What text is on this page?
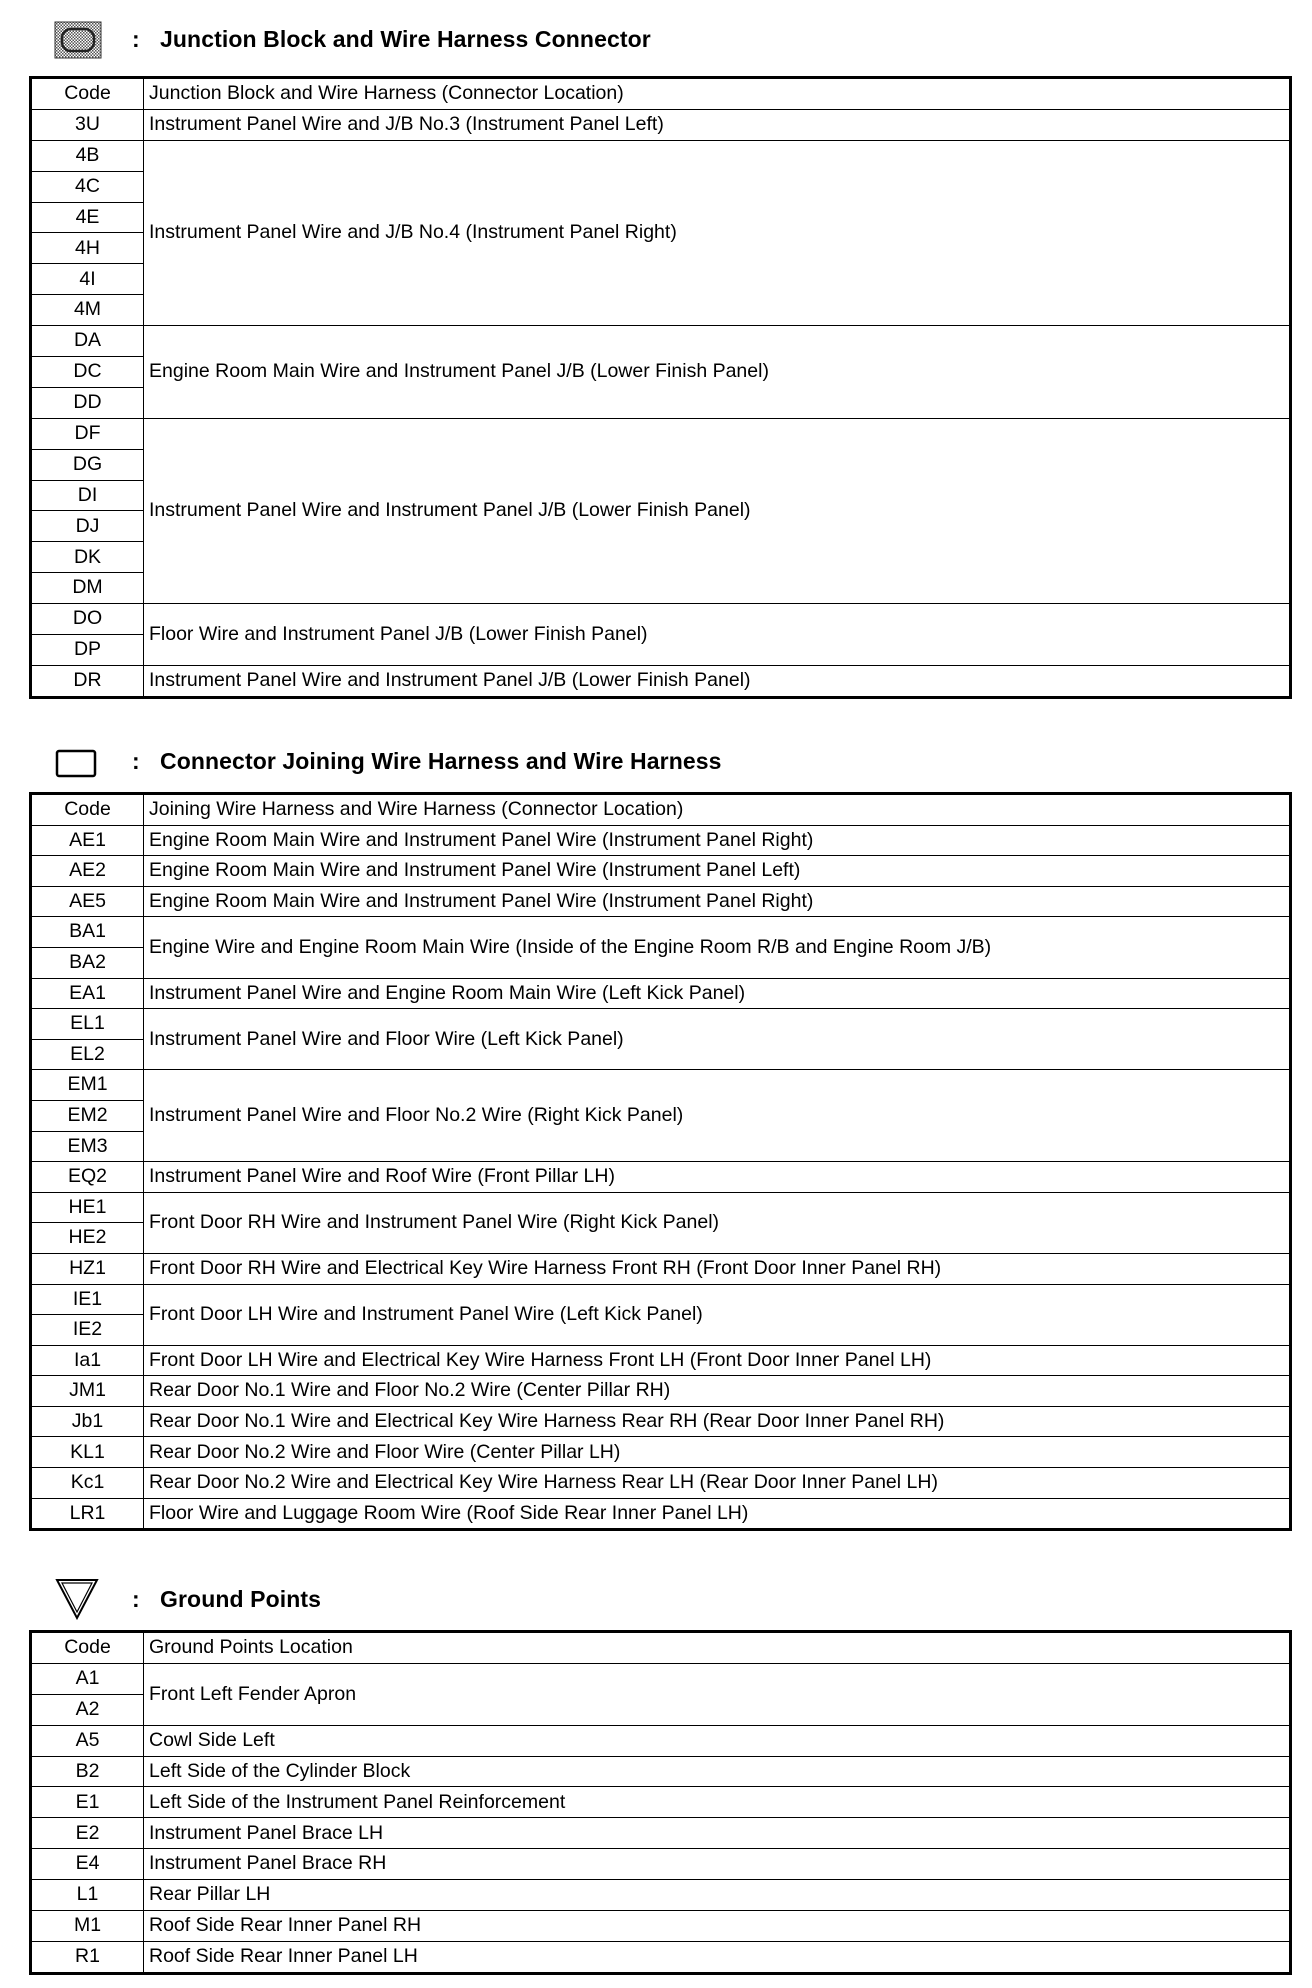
: Junction Block and Wire Harness Connector
Code	Junction Block and Wire Harness (Connector Location)
3U	Instrument Panel Wire and J/B No.3 (Instrument Panel Left)
4B	Instrument Panel Wire and J/B No.4 (Instrument Panel Right)
4C	
4E	
4H	
4I	
4M	
DA	Engine Room Main Wire and Instrument Panel J/B (Lower Finish Panel)
DC	
DD	
DF	Instrument Panel Wire and Instrument Panel J/B (Lower Finish Panel)
DG	
DI	
DJ	
DK	
DM	
DO	Floor Wire and Instrument Panel J/B (Lower Finish Panel)
DP	
DR	Instrument Panel Wire and Instrument Panel J/B (Lower Finish Panel)
: Connector Joining Wire Harness and Wire Harness
Code	Joining Wire Harness and Wire Harness (Connector Location)
AE1	Engine Room Main Wire and Instrument Panel Wire (Instrument Panel Right)
AE2	Engine Room Main Wire and Instrument Panel Wire (Instrument Panel Left)
AE5	Engine Room Main Wire and Instrument Panel Wire (Instrument Panel Right)
BA1	Engine Wire and Engine Room Main Wire (Inside of the Engine Room R/B and Engine Room J/B)
BA2	
EA1	Instrument Panel Wire and Engine Room Main Wire (Left Kick Panel)
EL1	Instrument Panel Wire and Floor Wire (Left Kick Panel)
EL2	
EM1	Instrument Panel Wire and Floor No.2 Wire (Right Kick Panel)
EM2	
EM3	
EQ2	Instrument Panel Wire and Roof Wire (Front Pillar LH)
HE1	Front Door RH Wire and Instrument Panel Wire (Right Kick Panel)
HE2	
HZ1	Front Door RH Wire and Electrical Key Wire Harness Front RH (Front Door Inner Panel RH)
IE1	Front Door LH Wire and Instrument Panel Wire (Left Kick Panel)
IE2	
Ia1	Front Door LH Wire and Electrical Key Wire Harness Front LH (Front Door Inner Panel LH)
JM1	Rear Door No.1 Wire and Floor No.2 Wire (Center Pillar RH)
Jb1	Rear Door No.1 Wire and Electrical Key Wire Harness Rear RH (Rear Door Inner Panel RH)
KL1	Rear Door No.2 Wire and Floor Wire (Center Pillar LH)
Kc1	Rear Door No.2 Wire and Electrical Key Wire Harness Rear LH (Rear Door Inner Panel LH)
LR1	Floor Wire and Luggage Room Wire (Roof Side Rear Inner Panel LH)
: Ground Points
Code	Ground Points Location
A1	Front Left Fender Apron
A2	
A5	Cowl Side Left
B2	Left Side of the Cylinder Block
E1	Left Side of the Instrument Panel Reinforcement
E2	Instrument Panel Brace LH
E4	Instrument Panel Brace RH
L1	Rear Pillar LH
M1	Roof Side Rear Inner Panel RH
R1	Roof Side Rear Inner Panel LH
